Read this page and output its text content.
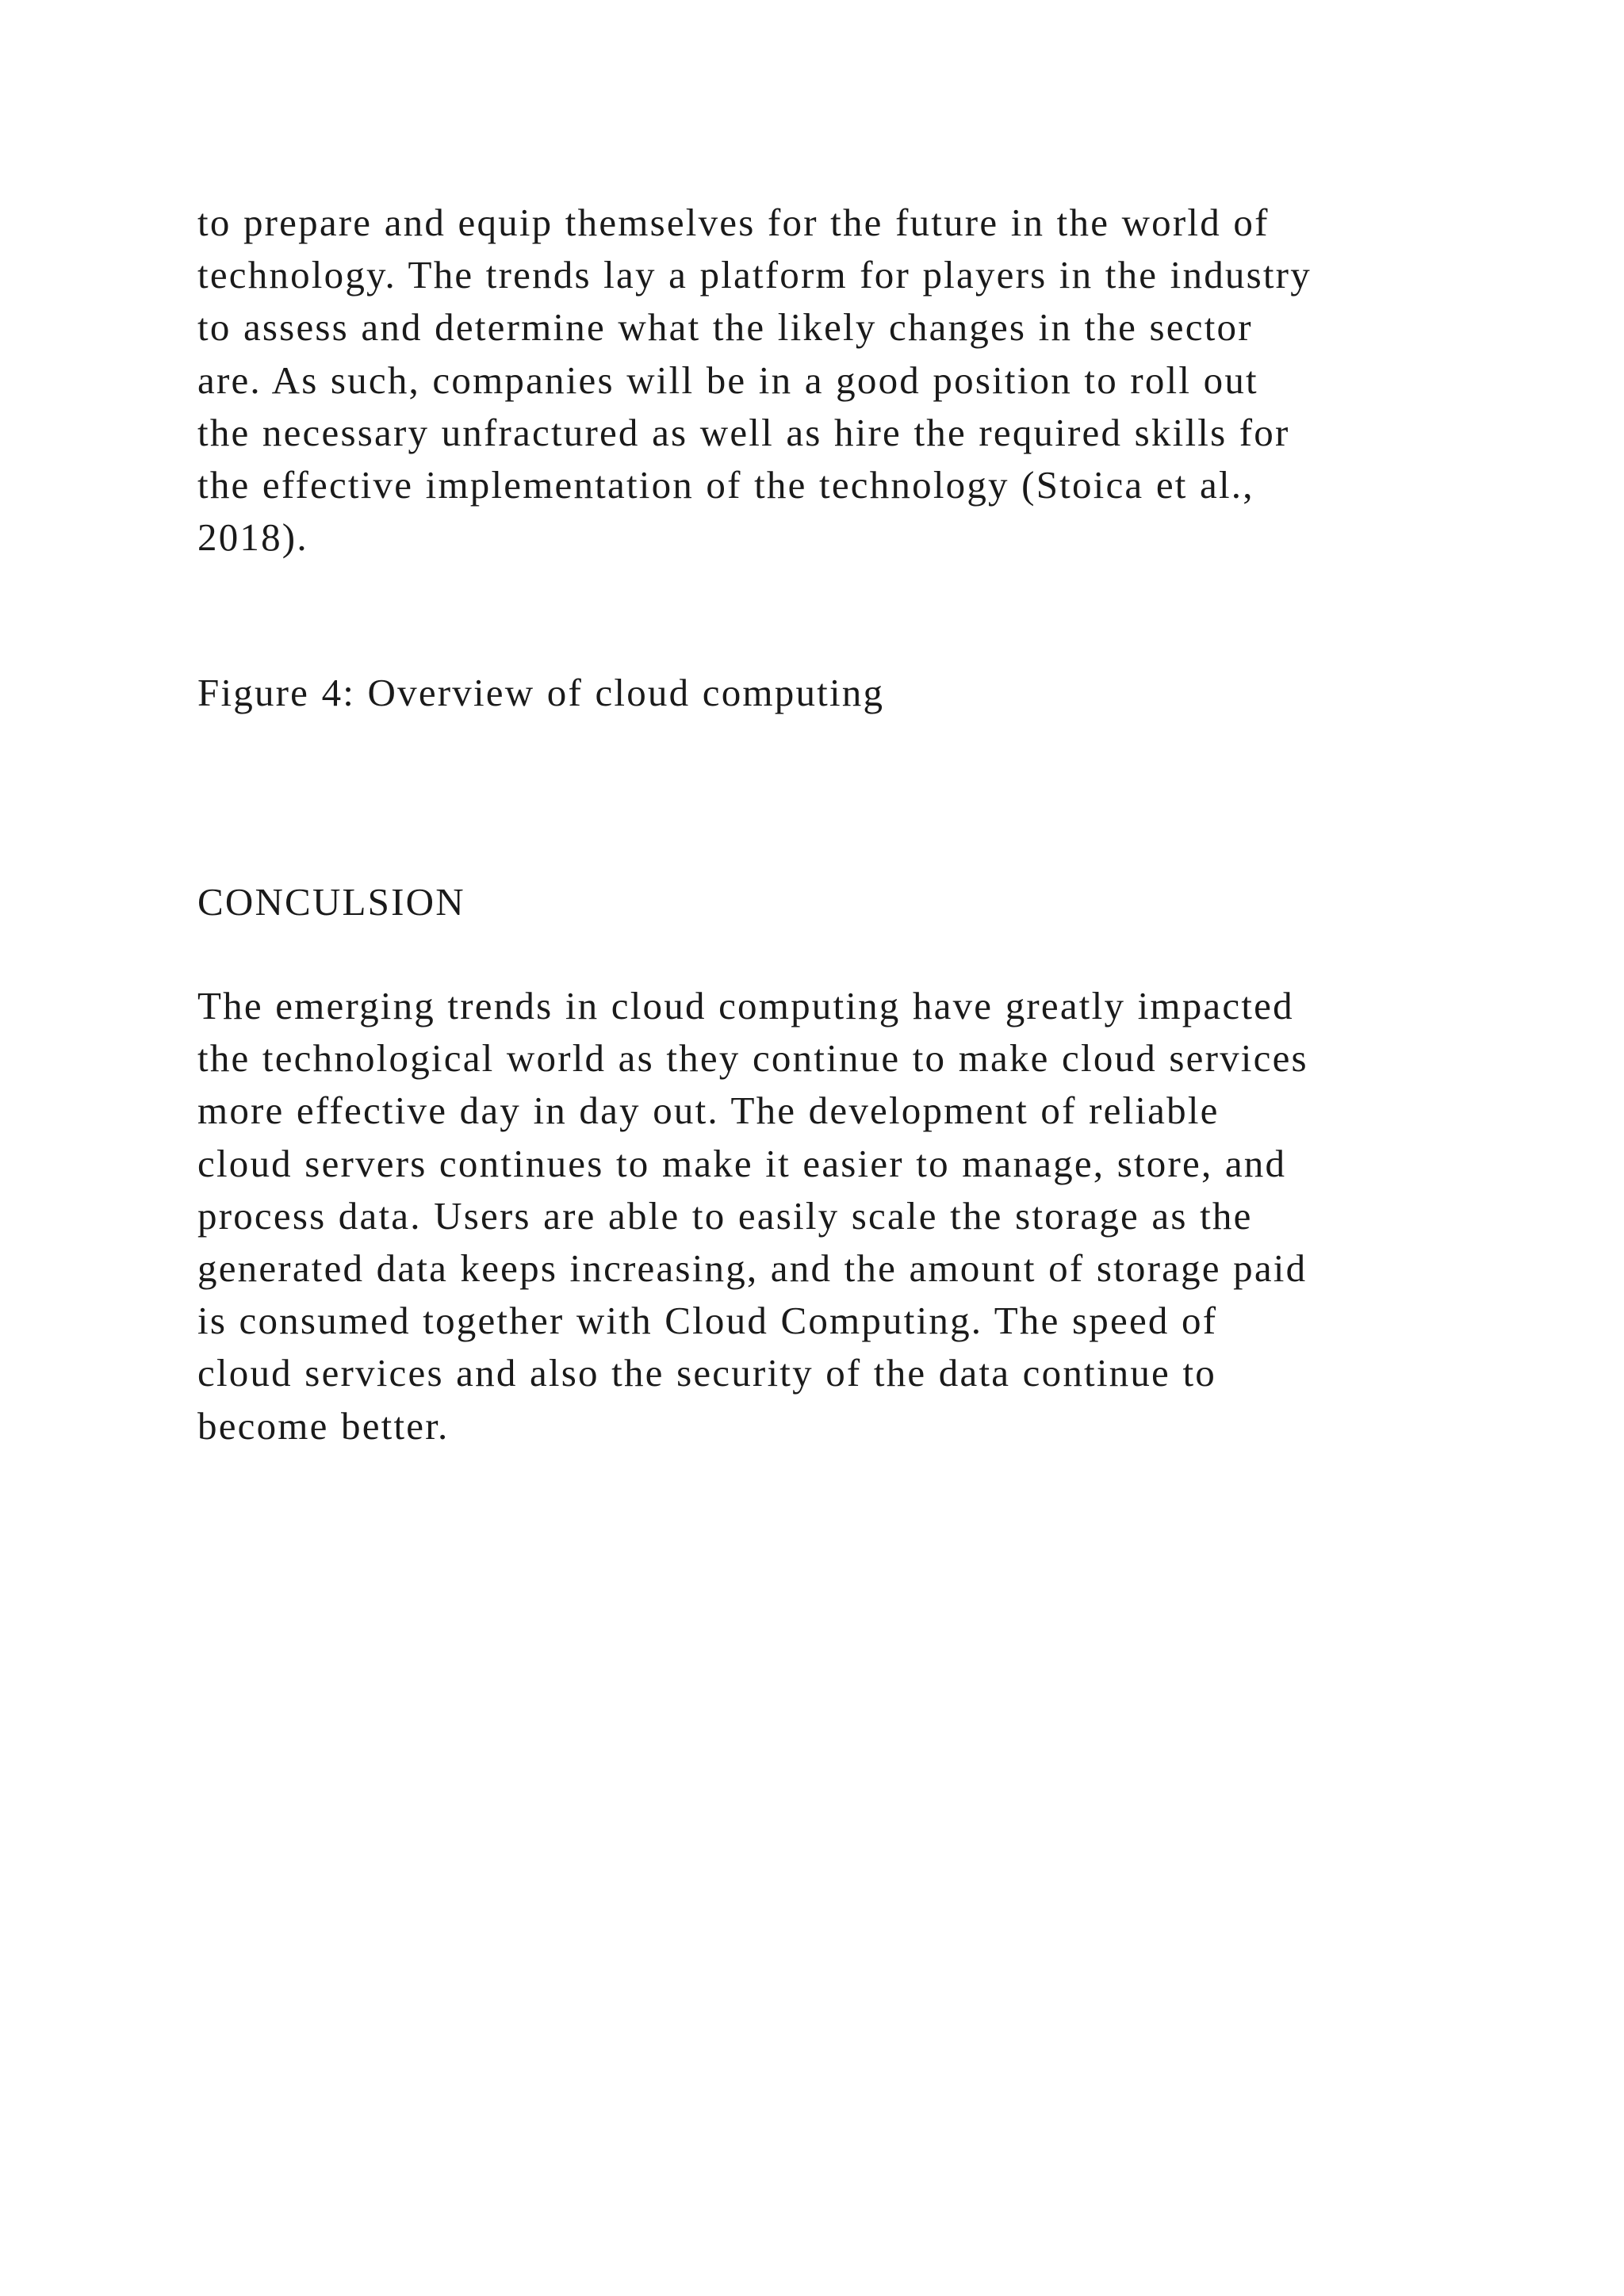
to prepare and equip themselves for the future in the world of
technology. The trends lay a platform for players in the industry
to assess and determine what the likely changes in the sector
are. As such, companies will be in a good position to roll out
the necessary unfractured as well as hire the required skills for
the effective implementation of the technology (Stoica et al.,
2018).

Figure 4: Overview of cloud computing

CONCULSION

The emerging trends in cloud computing have greatly impacted
the technological world as they continue to make cloud services
more effective day in day out. The development of reliable
cloud servers continues to make it easier to manage, store, and
process data. Users are able to easily scale the storage as the
generated data keeps increasing, and the amount of storage paid
is consumed together with Cloud Computing. The speed of
cloud services and also the security of the data continue to
become better.
